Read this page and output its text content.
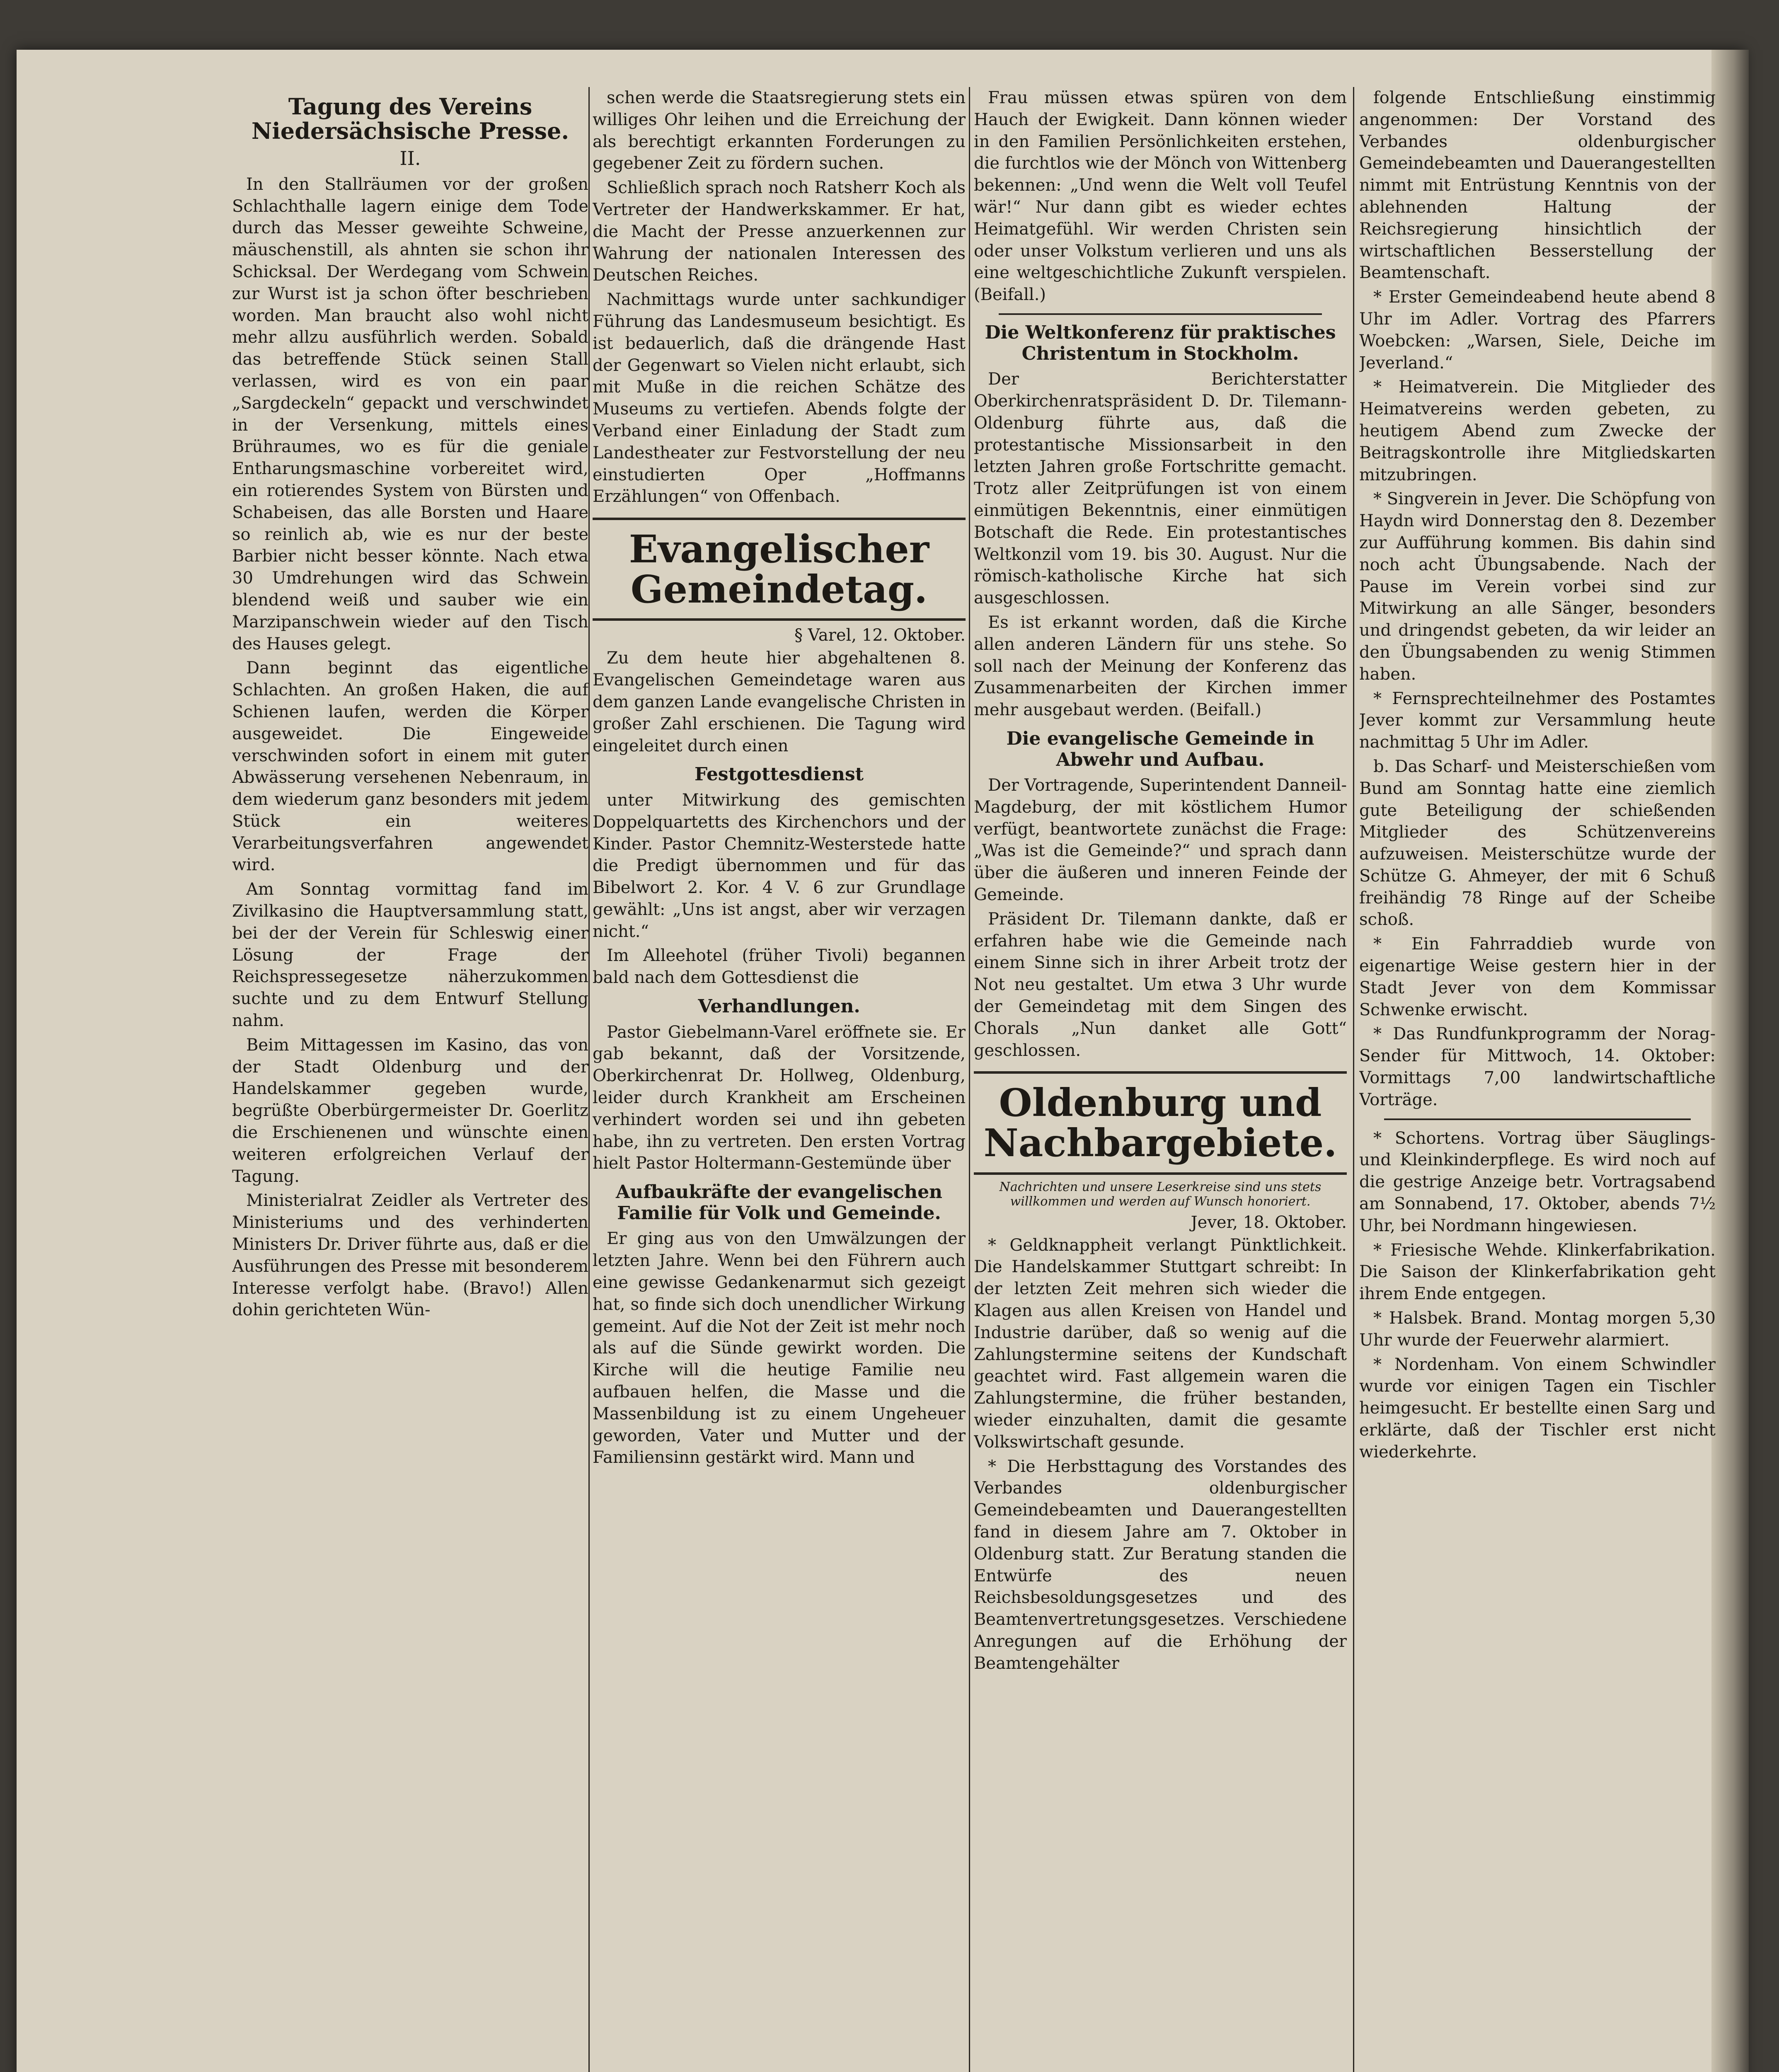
Tagung des Vereins Niedersächsische Presse.
II.

In den Stallräumen vor der großen Schlachthalle lagern einige dem Tode durch das Messer geweihte Schweine, mäuschenstill, als ahnten sie schon ihr Schicksal. Der Werdegang vom Schwein zur Wurst ist ja schon öfter beschrieben worden. Man braucht also wohl nicht mehr allzu ausführlich werden. Sobald das betreffende Stück seinen Stall verlassen, wird es von ein paar „Sargdeckeln“ gepackt und verschwindet in der Versenkung, mittels eines Brühraumes, wo es für die geniale Entharungsmaschine vorbereitet wird, ein rotierendes System von Bürsten und Schabeisen, das alle Borsten und Haare so reinlich ab, wie es nur der beste Barbier nicht besser könnte. Nach etwa 30 Umdrehungen wird das Schwein blendend weiß und sauber wie ein Marzipanschwein wieder auf den Tisch des Hauses gelegt.

Dann beginnt das eigentliche Schlachten. An großen Haken, die auf Schienen laufen, werden die Körper ausgeweidet. Die Eingeweide verschwinden sofort in einem mit guter Abwässerung versehenen Nebenraum, in dem wiederum ganz besonders mit jedem Stück ein weiteres Verarbeitungsverfahren angewendet wird.

Am Sonntag vormittag fand im Zivilkasino die Hauptversammlung statt, bei der der Verein für Schleswig einer Lösung der Frage der Reichspressegesetze näherzukommen suchte und zu dem Entwurf Stellung nahm.

Beim Mittagessen im Kasino, das von der Stadt Oldenburg und der Handelskammer gegeben wurde, begrüßte Oberbürgermeister Dr. Goerlitz die Erschienenen und wünschte einen weiteren erfolgreichen Verlauf der Tagung.

Ministerialrat Zeidler als Vertreter des Ministeriums und des verhinderten Ministers Dr. Driver führte aus, daß er die Ausführungen des Presse mit besonderem Interesse verfolgt habe. (Bravo!) Allen dohin gerichteten Wün-

schen werde die Staatsregierung stets ein williges Ohr leihen und die Erreichung der als berechtigt erkannten Forderungen zu gegebener Zeit zu fördern suchen.

Schließlich sprach noch Ratsherr Koch als Vertreter der Handwerkskammer. Er hat, die Macht der Presse anzuerkennen zur Wahrung der nationalen Interessen des Deutschen Reiches.

Nachmittags wurde unter sachkundiger Führung das Landesmuseum besichtigt. Es ist bedauerlich, daß die drängende Hast der Gegenwart so Vielen nicht erlaubt, sich mit Muße in die reichen Schätze des Museums zu vertiefen. Abends folgte der Verband einer Einladung der Stadt zum Landestheater zur Festvorstellung der neu einstudierten Oper „Hoffmanns Erzählungen“ von Offenbach.

Evangelischer Gemeindetag.
§ Varel, 12. Oktober.

Zu dem heute hier abgehaltenen 8. Evangelischen Gemeindetage waren aus dem ganzen Lande evangelische Christen in großer Zahl erschienen. Die Tagung wird eingeleitet durch einen

Festgottesdienst

unter Mitwirkung des gemischten Doppelquartetts des Kirchenchors und der Kinder. Pastor Chemnitz-Westerstede hatte die Predigt übernommen und für das Bibelwort 2. Kor. 4 V. 6 zur Grundlage gewählt: „Uns ist angst, aber wir verzagen nicht.“

Im Alleehotel (früher Tivoli) begannen bald nach dem Gottesdienst die

Verhandlungen.

Pastor Giebelmann-Varel eröffnete sie. Er gab bekannt, daß der Vorsitzende, Oberkirchenrat Dr. Hollweg, Oldenburg, leider durch Krankheit am Erscheinen verhindert worden sei und ihn gebeten habe, ihn zu vertreten. Den ersten Vortrag hielt Pastor Holtermann-Gestemünde über

Aufbaukräfte der evangelischen Familie für Volk und Gemeinde.

Er ging aus von den Umwälzungen der letzten Jahre. Wenn bei den Führern auch eine gewisse Gedankenarmut sich gezeigt hat, so finde sich doch unendlicher Wirkung gemeint. Auf die Not der Zeit ist mehr noch als auf die Sünde gewirkt worden. Die Kirche will die heutige Familie neu aufbauen helfen, die Masse und die Massenbildung ist zu einem Ungeheuer geworden, Vater und Mutter und der Familiensinn gestärkt wird. Mann und

Frau müssen etwas spüren von dem Hauch der Ewigkeit. Dann können wieder in den Familien Persönlichkeiten erstehen, die furchtlos wie der Mönch von Wittenberg bekennen: „Und wenn die Welt voll Teufel wär!“ Nur dann gibt es wieder echtes Heimatgefühl. Wir werden Christen sein oder unser Volkstum verlieren und uns als eine weltgeschichtliche Zukunft verspielen. (Beifall.)

Die Weltkonferenz für praktisches Christentum in Stockholm.

Der Berichterstatter Oberkirchenratspräsident D. Dr. Tilemann-Oldenburg führte aus, daß die protestantische Missionsarbeit in den letzten Jahren große Fortschritte gemacht. Trotz aller Zeitprüfungen ist von einem einmütigen Bekenntnis, einer einmütigen Botschaft die Rede. Ein protestantisches Weltkonzil vom 19. bis 30. August. Nur die römisch-katholische Kirche hat sich ausgeschlossen.

Es ist erkannt worden, daß die Kirche allen anderen Ländern für uns stehe. So soll nach der Meinung der Konferenz das Zusammenarbeiten der Kirchen immer mehr ausgebaut werden. (Beifall.)

Die evangelische Gemeinde in Abwehr und Aufbau.

Der Vortragende, Superintendent Danneil-Magdeburg, der mit köstlichem Humor verfügt, beantwortete zunächst die Frage: „Was ist die Gemeinde?“ und sprach dann über die äußeren und inneren Feinde der Gemeinde.

Präsident Dr. Tilemann dankte, daß er erfahren habe wie die Gemeinde nach einem Sinne sich in ihrer Arbeit trotz der Not neu gestaltet. Um etwa 3 Uhr wurde der Gemeindetag mit dem Singen des Chorals „Nun danket alle Gott“ geschlossen.

Oldenburg und Nachbargebiete.
Nachrichten und unsere Leserkreise sind uns stets willkommen und werden auf Wunsch honoriert.
Jever, 18. Oktober.

* Geldknappheit verlangt Pünktlichkeit. Die Handelskammer Stuttgart schreibt: In der letzten Zeit mehren sich wieder die Klagen aus allen Kreisen von Handel und Industrie darüber, daß so wenig auf die Zahlungstermine seitens der Kundschaft geachtet wird. Fast allgemein waren die Zahlungstermine, die früher bestanden, wieder einzuhalten, damit die gesamte Volkswirtschaft gesunde.

* Die Herbsttagung des Vorstandes des Verbandes oldenburgischer Gemeindebeamten und Dauerangestellten fand in diesem Jahre am 7. Oktober in Oldenburg statt. Zur Beratung standen die Entwürfe des neuen Reichsbesoldungsgesetzes und des Beamtenvertretungsgesetzes. Verschiedene Anregungen auf die Erhöhung der Beamtengehälter

folgende Entschließung einstimmig angenommen: Der Vorstand des Verbandes oldenburgischer Gemeindebeamten und Dauerangestellten nimmt mit Entrüstung Kenntnis von der ablehnenden Haltung der Reichsregierung hinsichtlich der wirtschaftlichen Besserstellung der Beamtenschaft.

* Erster Gemeindeabend heute abend 8 Uhr im Adler. Vortrag des Pfarrers Woebcken: „Warsen, Siele, Deiche im Jeverland.“

* Heimatverein. Die Mitglieder des Heimatvereins werden gebeten, zu heutigem Abend zum Zwecke der Beitragskontrolle ihre Mitgliedskarten mitzubringen.

* Singverein in Jever. Die Schöpfung von Haydn wird Donnerstag den 8. Dezember zur Aufführung kommen. Bis dahin sind noch acht Übungsabende. Nach der Pause im Verein vorbei sind zur Mitwirkung an alle Sänger, besonders und dringendst gebeten, da wir leider an den Übungsabenden zu wenig Stimmen haben.

* Fernsprechteilnehmer des Postamtes Jever kommt zur Versammlung heute nachmittag 5 Uhr im Adler.

b. Das Scharf- und Meisterschießen vom Bund am Sonntag hatte eine ziemlich gute Beteiligung der schießenden Mitglieder des Schützenvereins aufzuweisen. Meisterschütze wurde der Schütze G. Ahmeyer, der mit 6 Schuß freihändig 78 Ringe auf der Scheibe schoß.

* Ein Fahrraddieb wurde von eigenartige Weise gestern hier in der Stadt Jever von dem Kommissar Schwenke erwischt.

* Das Rundfunkprogramm der Norag-Sender für Mittwoch, 14. Oktober: Vormittags 7,00 landwirtschaftliche Vorträge.

* Schortens. Vortrag über Säuglings- und Kleinkinderpflege. Es wird noch auf die gestrige Anzeige betr. Vortragsabend am Sonnabend, 17. Oktober, abends 7½ Uhr, bei Nordmann hingewiesen.

* Friesische Wehde. Klinkerfabrikation. Die Saison der Klinkerfabrikation geht ihrem Ende entgegen.

* Halsbek. Brand. Montag morgen 5,30 Uhr wurde der Feuerwehr alarmiert.

* Nordenham. Von einem Schwindler wurde vor einigen Tagen ein Tischler heimgesucht. Er bestellte einen Sarg und erklärte, daß der Tischler erst nicht wiederkehrte.
